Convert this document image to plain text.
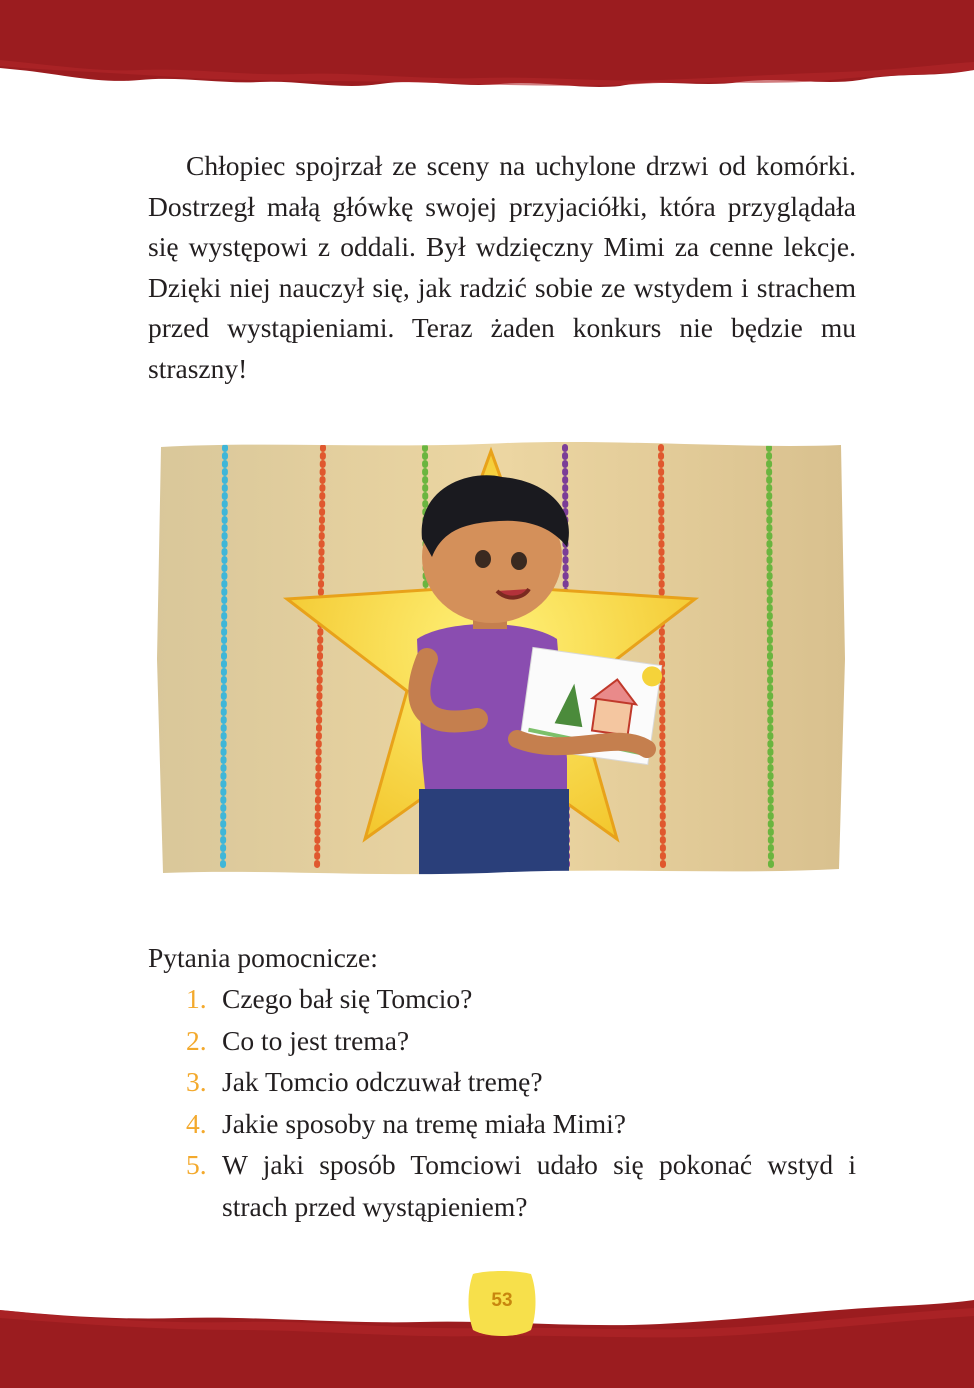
Chłopiec spojrzał ze sceny na uchylone drzwi od komórki. Dostrzegł małą główkę swojej przyjaciółki, która przyglądała się występowi z oddali. Był wdzięczny Mimi za cenne lekcje. Dzięki niej nauczył się, jak radzić sobie ze wstydem i strachem przed wystąpieniami. Teraz żaden konkurs nie będzie mu straszny!

Pytania pomocnicze:

1. Czego bał się Tomcio?
2. Co to jest trema?
3. Jak Tomcio odczuwał tremę?
4. Jakie sposoby na tremę miała Mimi?
5. W jaki sposób Tomciowi udało się pokonać wstyd i strach przed wystąpieniem?
53
